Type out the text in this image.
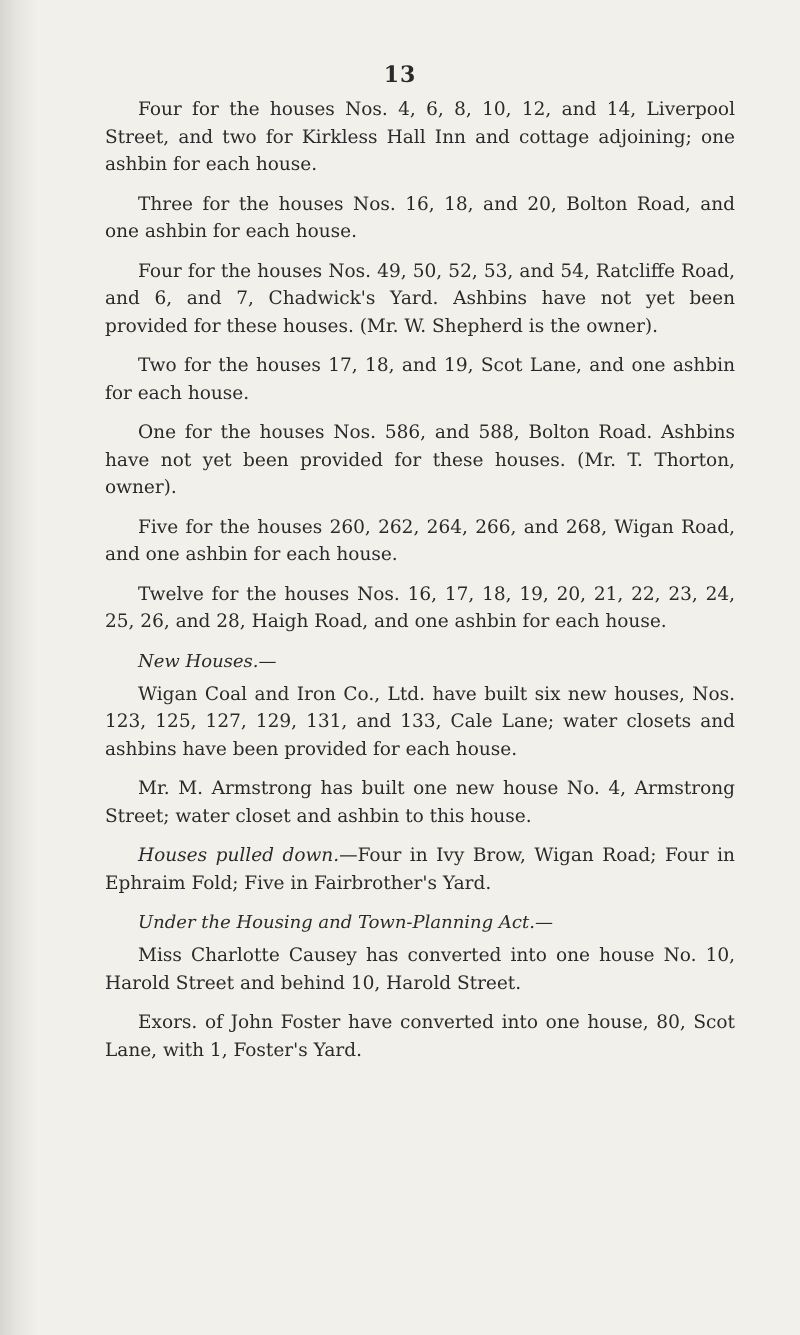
13

Four for the houses Nos. 4, 6, 8, 10, 12, and 14, Liverpool Street, and two for Kirkless Hall Inn and cottage adjoining; one ashbin for each house.

Three for the houses Nos. 16, 18, and 20, Bolton Road, and one ashbin for each house.

Four for the houses Nos. 49, 50, 52, 53, and 54, Ratcliffe Road, and 6, and 7, Chadwick's Yard. Ashbins have not yet been provided for these houses. (Mr. W. Shepherd is the owner).

Two for the houses 17, 18, and 19, Scot Lane, and one ashbin for each house.

One for the houses Nos. 586, and 588, Bolton Road. Ashbins have not yet been provided for these houses. (Mr. T. Thorton, owner).

Five for the houses 260, 262, 264, 266, and 268, Wigan Road, and one ashbin for each house.

Twelve for the houses Nos. 16, 17, 18, 19, 20, 21, 22, 23, 24, 25, 26, and 28, Haigh Road, and one ashbin for each house.

New Houses.—

Wigan Coal and Iron Co., Ltd. have built six new houses, Nos. 123, 125, 127, 129, 131, and 133, Cale Lane; water closets and ashbins have been provided for each house.

Mr. M. Armstrong has built one new house No. 4, Armstrong Street; water closet and ashbin to this house.

Houses pulled down.—Four in Ivy Brow, Wigan Road; Four in Ephraim Fold; Five in Fairbrother's Yard.

Under the Housing and Town-Planning Act.—

Miss Charlotte Causey has converted into one house No. 10, Harold Street and behind 10, Harold Street.

Exors. of John Foster have converted into one house, 80, Scot Lane, with 1, Foster's Yard.
